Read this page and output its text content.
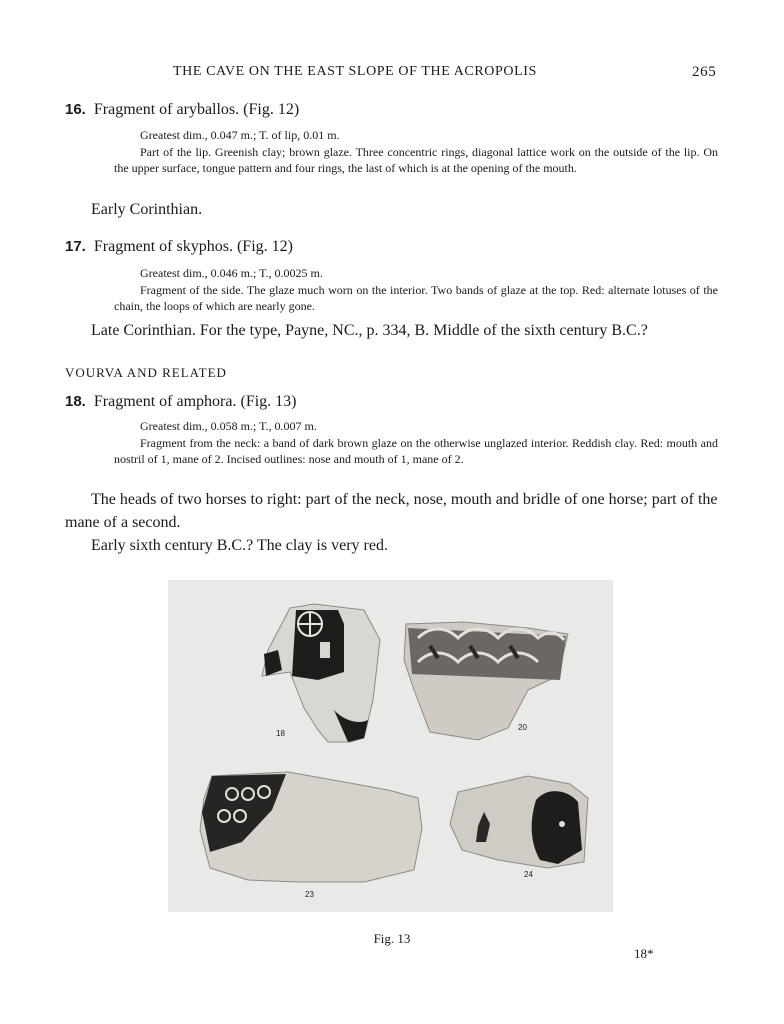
THE CAVE ON THE EAST SLOPE OF THE ACROPOLIS	265
16. Fragment of aryballos. (Fig. 12)

Greatest dim., 0.047 m.; T. of lip, 0.01 m.

Part of the lip. Greenish clay; brown glaze. Three concentric rings, diagonal lattice work on the outside of the lip. On the upper surface, tongue pattern and four rings, the last of which is at the opening of the mouth.

Early Corinthian.

17. Fragment of skyphos. (Fig. 12)

Greatest dim., 0.046 m.; T., 0.0025 m.

Fragment of the side. The glaze much worn on the interior. Two bands of glaze at the top. Red: alternate lotuses of the chain, the loops of which are nearly gone.

Late Corinthian. For the type, Payne, NC., p. 334, B. Middle of the sixth century B.C.?

VOURVA AND RELATED
18. Fragment of amphora. (Fig. 13)

Greatest dim., 0.058 m.; T., 0.007 m.

Fragment from the neck: a band of dark brown glaze on the otherwise unglazed interior. Reddish clay. Red: mouth and nostril of 1, mane of 2. Incised outlines: nose and mouth of 1, mane of 2.

The heads of two horses to right: part of the neck, nose, mouth and bridle of one horse; part of the mane of a second.

Early sixth century B.C.? The clay is very red.

18
20
23
24
Fig. 13
18*
